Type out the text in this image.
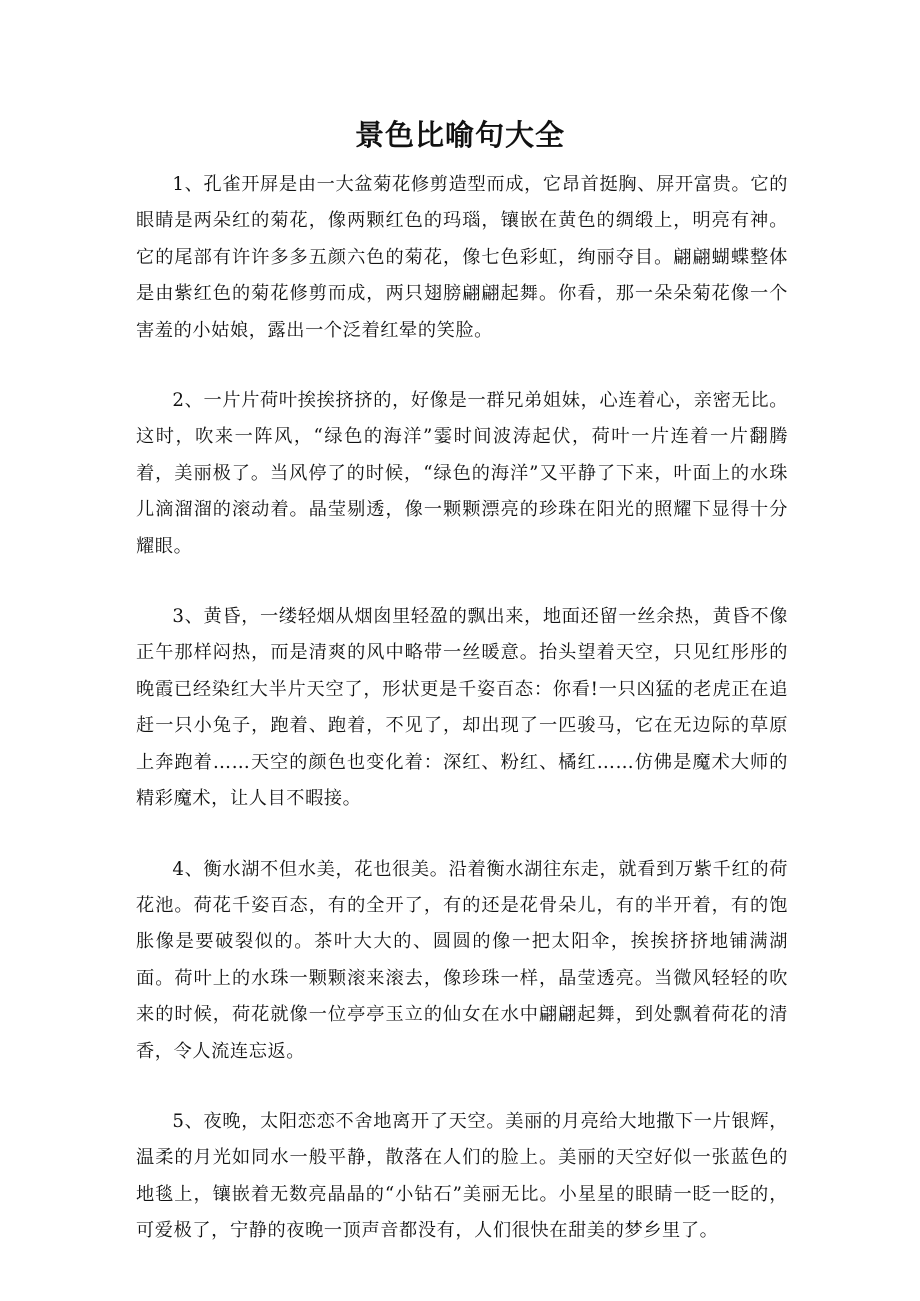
景色比喻句大全

1、孔雀开屏是由一大盆菊花修剪造型而成，它昂首挺胸、屏开富贵。它的眼睛是两朵红的菊花，像两颗红色的玛瑙，镶嵌在黄色的绸缎上，明亮有神。它的尾部有许许多多五颜六色的菊花，像七色彩虹，绚丽夺目。翩翩蝴蝶整体是由紫红色的菊花修剪而成，两只翅膀翩翩起舞。你看，那一朵朵菊花像一个害羞的小姑娘，露出一个泛着红晕的笑脸。

2、一片片荷叶挨挨挤挤的，好像是一群兄弟姐妹，心连着心，亲密无比。这时，吹来一阵风，“绿色的海洋”霎时间波涛起伏，荷叶一片连着一片翻腾着，美丽极了。当风停了的时候，“绿色的海洋”又平静了下来，叶面上的水珠儿滴溜溜的滚动着。晶莹剔透，像一颗颗漂亮的珍珠在阳光的照耀下显得十分耀眼。

3、黄昏，一缕轻烟从烟囱里轻盈的飘出来，地面还留一丝余热，黄昏不像正午那样闷热，而是清爽的风中略带一丝暖意。抬头望着天空，只见红彤彤的晚霞已经染红大半片天空了，形状更是千姿百态：你看!一只凶猛的老虎正在追赶一只小兔子，跑着、跑着，不见了，却出现了一匹骏马，它在无边际的草原上奔跑着……天空的颜色也变化着：深红、粉红、橘红……仿佛是魔术大师的精彩魔术，让人目不暇接。

4、衡水湖不但水美，花也很美。沿着衡水湖往东走，就看到万紫千红的荷花池。荷花千姿百态，有的全开了，有的还是花骨朵儿，有的半开着，有的饱胀像是要破裂似的。茶叶大大的、圆圆的像一把太阳伞，挨挨挤挤地铺满湖面。荷叶上的水珠一颗颗滚来滚去，像珍珠一样，晶莹透亮。当微风轻轻的吹来的时候，荷花就像一位亭亭玉立的仙女在水中翩翩起舞，到处飘着荷花的清香，令人流连忘返。

5、夜晚，太阳恋恋不舍地离开了天空。美丽的月亮给大地撒下一片银辉，温柔的月光如同水一般平静，散落在人们的脸上。美丽的天空好似一张蓝色的地毯上，镶嵌着无数亮晶晶的“小钻石”美丽无比。小星星的眼睛一眨一眨的，可爱极了，宁静的夜晚一顶声音都没有，人们很快在甜美的梦乡里了。
